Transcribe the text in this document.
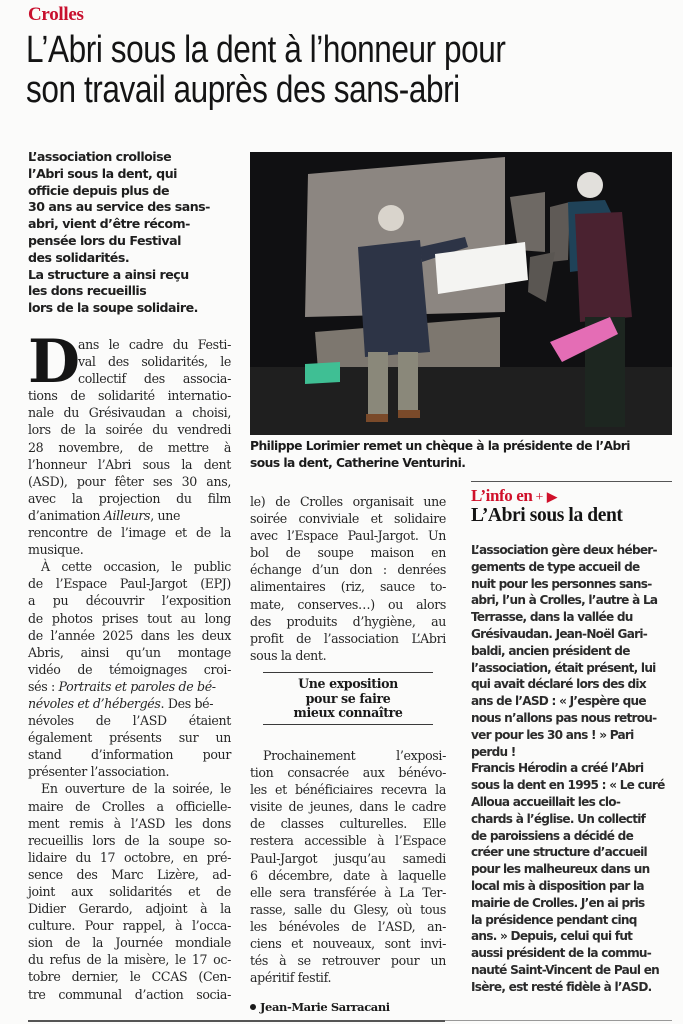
Crolles
L’Abri sous la dent à l’honneur pour
son travail auprès des sans-abri
L’association crolloise
l’Abri sous la dent, qui
officie depuis plus de
30 ans au service des sans-
abri, vient d’être récom-
pensée lors du Festival
des solidarités.
La structure a ainsi reçu
les dons recueillis
lors de la soupe solidaire.
D
ans le cadre du Festi-
val des solidarités, le
collectif des associa-
tions de solidarité internatio-
nale du Grésivaudan a choisi,
lors de la soirée du vendredi
28 novembre, de mettre à
l’honneur l’Abri sous la dent
(ASD), pour fêter ses 30 ans,
avec la projection du film
d’animation Ailleurs, une
rencontre de l’image et de la
musique.
À cette occasion, le public
de l’Espace Paul-Jargot (EPJ)
a pu découvrir l’exposition
de photos prises tout au long
de l’année 2025 dans les deux
Abris, ainsi qu’un montage
vidéo de témoignages croi-
sés : Portraits et paroles de bé-
névoles et d’hébergés. Des bé-
névoles de l’ASD étaient
également présents sur un
stand d’information pour
présenter l’association.
En ouverture de la soirée, le
maire de Crolles a officielle-
ment remis à l’ASD les dons
recueillis lors de la soupe so-
lidaire du 17 octobre, en pré-
sence des Marc Lizère, ad-
joint aux solidarités et de
Didier Gerardo, adjoint à la
culture. Pour rappel, à l’occa-
sion de la Journée mondiale
du refus de la misère, le 17 oc-
tobre dernier, le CCAS (Cen-
tre communal d’action socia-
Philippe Lorimier remet un chèque à la présidente de l’Abri
sous la dent, Catherine Venturini.
le) de Crolles organisait une
soirée conviviale et solidaire
avec l’Espace Paul-Jargot. Un
bol de soupe maison en
échange d’un don : denrées
alimentaires (riz, sauce to-
mate, conserves…) ou alors
des produits d’hygiène, au
profit de l’association L’Abri
sous la dent.
Une exposition
pour se faire
mieux connaître
Prochainement l’exposi-
tion consacrée aux bénévo-
les et bénéficiaires recevra la
visite de jeunes, dans le cadre
de classes culturelles. Elle
restera accessible à l’Espace
Paul-Jargot jusqu’au samedi
6 décembre, date à laquelle
elle sera transférée à La Ter-
rasse, salle du Glesy, où tous
les bénévoles de l’ASD, an-
ciens et nouveaux, sont invi-
tés à se retrouver pour un
apéritif festif.
Jean-Marie Sarracani
L’info en + ▶
L’Abri sous la dent
L’association gère deux héber-
gements de type accueil de
nuit pour les personnes sans-
abri, l’un à Crolles, l’autre à La
Terrasse, dans la vallée du
Grésivaudan. Jean-Noël Gari-
baldi, ancien président de
l’association, était présent, lui
qui avait déclaré lors des dix
ans de l’ASD : « J’espère que
nous n’allons pas nous retrou-
ver pour les 30 ans ! » Pari
perdu !
Francis Hérodin a créé l’Abri
sous la dent en 1995 : « Le curé
Alloua accueillait les clo-
chards à l’église. Un collectif
de paroissiens a décidé de
créer une structure d’accueil
pour les malheureux dans un
local mis à disposition par la
mairie de Crolles. J’en ai pris
la présidence pendant cinq
ans. » Depuis, celui qui fut
aussi président de la commu-
nauté Saint-Vincent de Paul en
Isère, est resté fidèle à l’ASD.
